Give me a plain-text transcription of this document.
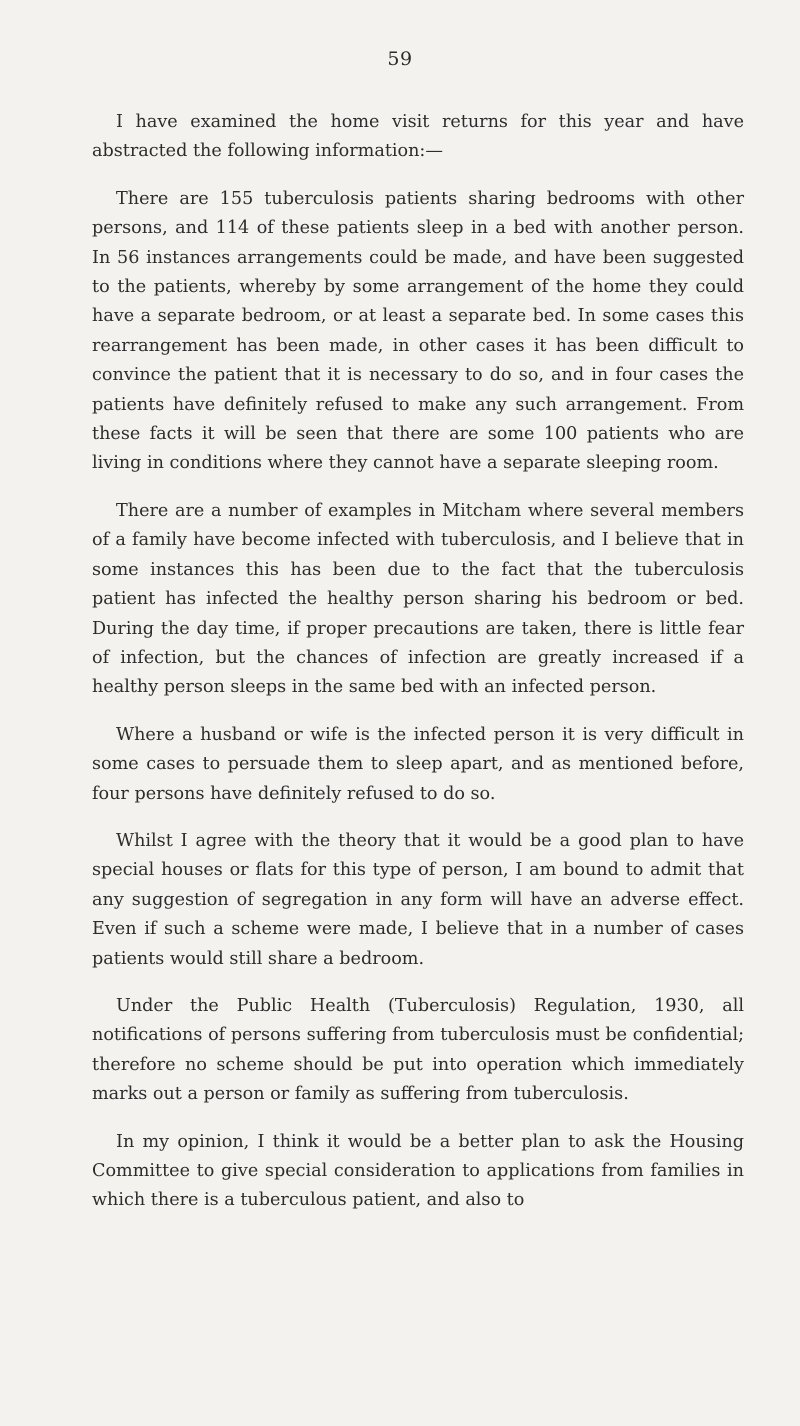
59

I have examined the home visit returns for this year and have abstracted the following information:—

There are 155 tuberculosis patients sharing bedrooms with other persons, and 114 of these patients sleep in a bed with another person. In 56 instances arrangements could be made, and have been suggested to the patients, whereby by some arrangement of the home they could have a separate bedroom, or at least a separate bed. In some cases this rearrangement has been made, in other cases it has been difficult to convince the patient that it is necessary to do so, and in four cases the patients have definitely refused to make any such arrangement. From these facts it will be seen that there are some 100 patients who are living in conditions where they cannot have a separate sleeping room.

There are a number of examples in Mitcham where several members of a family have become infected with tuberculosis, and I believe that in some instances this has been due to the fact that the tuberculosis patient has infected the healthy person sharing his bedroom or bed. During the day time, if proper precautions are taken, there is little fear of infection, but the chances of infection are greatly increased if a healthy person sleeps in the same bed with an infected person.

Where a husband or wife is the infected person it is very difficult in some cases to persuade them to sleep apart, and as mentioned before, four persons have definitely refused to do so.

Whilst I agree with the theory that it would be a good plan to have special houses or flats for this type of person, I am bound to admit that any suggestion of segregation in any form will have an adverse effect. Even if such a scheme were made, I believe that in a number of cases patients would still share a bedroom.

Under the Public Health (Tuberculosis) Regulation, 1930, all notifications of persons suffering from tuberculosis must be confidential; therefore no scheme should be put into operation which immediately marks out a person or family as suffering from tuberculosis.

In my opinion, I think it would be a better plan to ask the Housing Committee to give special consideration to applications from families in which there is a tuberculous patient, and also to
